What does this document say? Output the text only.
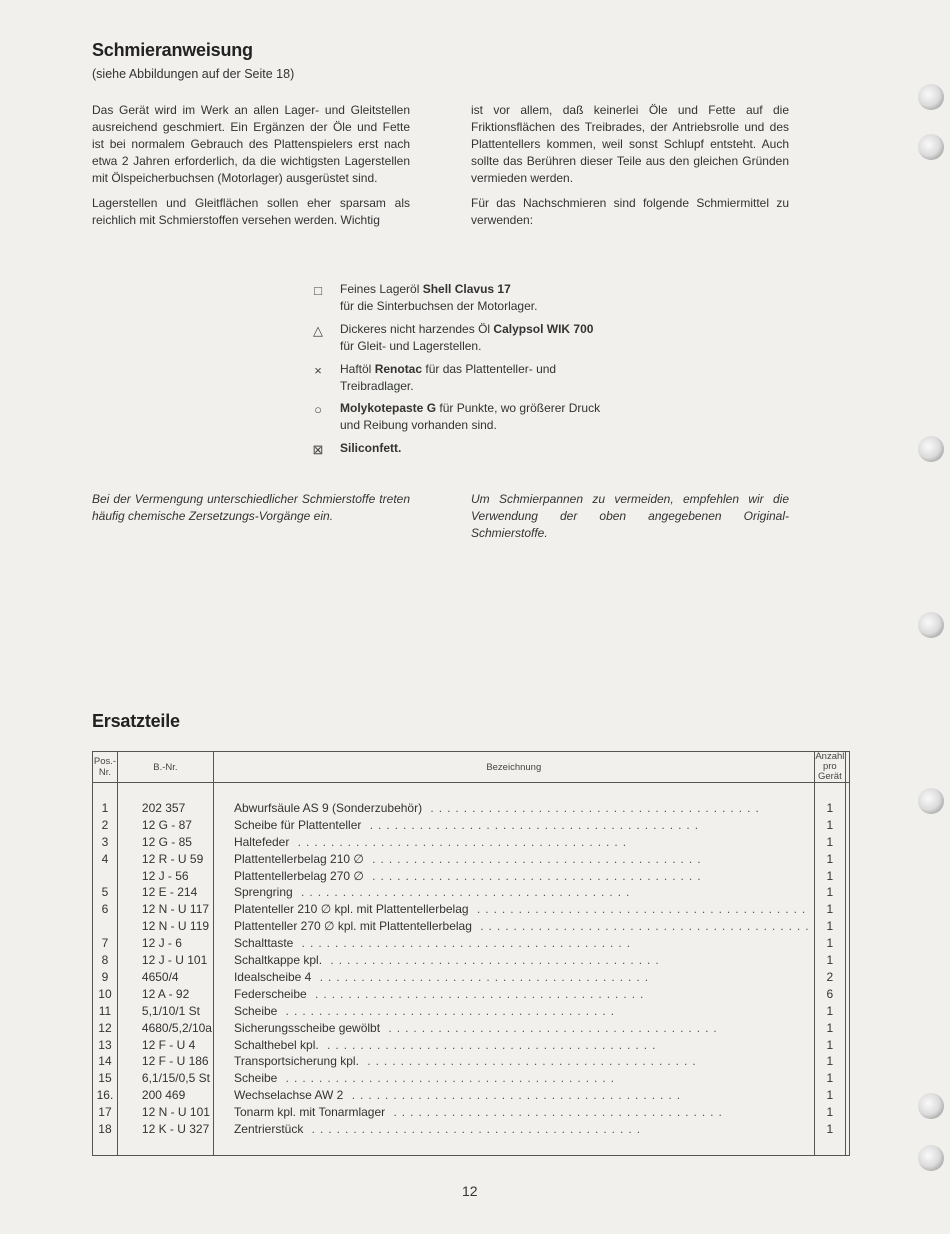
Schmieranweisung
(siehe Abbildungen auf der Seite 18)

Das Gerät wird im Werk an allen Lager- und Gleitstellen ausreichend geschmiert. Ein Ergänzen der Öle und Fette ist bei normalem Gebrauch des Plattenspielers erst nach etwa 2 Jahren erforderlich, da die wichtigsten Lagerstellen mit Ölspeicherbuchsen (Motorlager) ausgerüstet sind.

Lagerstellen und Gleitflächen sollen eher sparsam als reichlich mit Schmierstoffen versehen werden. Wichtig

ist vor allem, daß keinerlei Öle und Fette auf die Friktionsflächen des Treibrades, der Antriebsrolle und des Plattentellers kommen, weil sonst Schlupf entsteht. Auch sollte das Berühren dieser Teile aus den gleichen Gründen vermieden werden.

Für das Nachschmieren sind folgende Schmiermittel zu verwenden:

□	Feines Lageröl Shell Clavus 17
für die Sinterbuchsen der Motorlager.
△ Dickeres nicht harzendes Öl Calypsol WIK 700
für Gleit- und Lagerstellen.
×	Haftöl Renotac für das Plattenteller- und
Treibradlager.
○	Molykotepaste G für Punkte, wo größerer Druck
und Reibung vorhanden sind.
⊠ Siliconfett.
Bei der Vermengung unterschiedlicher Schmierstoffe treten häufig chemische Zersetzungs-Vorgänge ein.
Um Schmierpannen zu vermeiden, empfehlen wir die Verwendung der oben angegebenen Original-Schmierstoffe.
Ersatzteile
Pos.-Nr.	B.-Nr.	Bezeichnung	Anzahl
pro Gerät	

1	202 357	Abwurfsäule AS 9 (Sonderzubehör) ........................................	1	
2	12 G - 87	Scheibe für Plattenteller ........................................	1	
3	12 G - 85	Haltefeder ........................................	1	
4	12 R - U 59	Plattentellerbelag 210 ∅ ........................................	1	
	12 J - 56	Plattentellerbelag 270 ∅ ........................................	1	
5	12 E - 214	Sprengring ........................................	1	
6	12 N - U 117	Platenteller 210 ∅ kpl. mit Plattentellerbelag ........................................	1	
	12 N - U 119	Plattenteller 270 ∅ kpl. mit Plattentellerbelag ........................................	1	
7	12 J - 6	Schalttaste ........................................	1	
8	12 J - U 101	Schaltkappe kpl. ........................................	1	
9	4650/4	Idealscheibe 4 ........................................	2	
10	12 A - 92	Federscheibe ........................................	6	
11	5,1/10/1 St	Scheibe ........................................	1	
12	4680/5,2/10a	Sicherungsscheibe gewölbt ........................................	1	
13	12 F - U 4	Schalthebel kpl. ........................................	1	
14	12 F - U 186	Transportsicherung kpl. ........................................	1	
15	6,1/15/0,5 St	Scheibe ........................................	1	
16.	200 469	Wechselachse AW 2 ........................................	1	
17	12 N - U 101	Tonarm kpl. mit Tonarmlager ........................................	1	
18	12 K - U 327	Zentrierstück ........................................	1	

12
